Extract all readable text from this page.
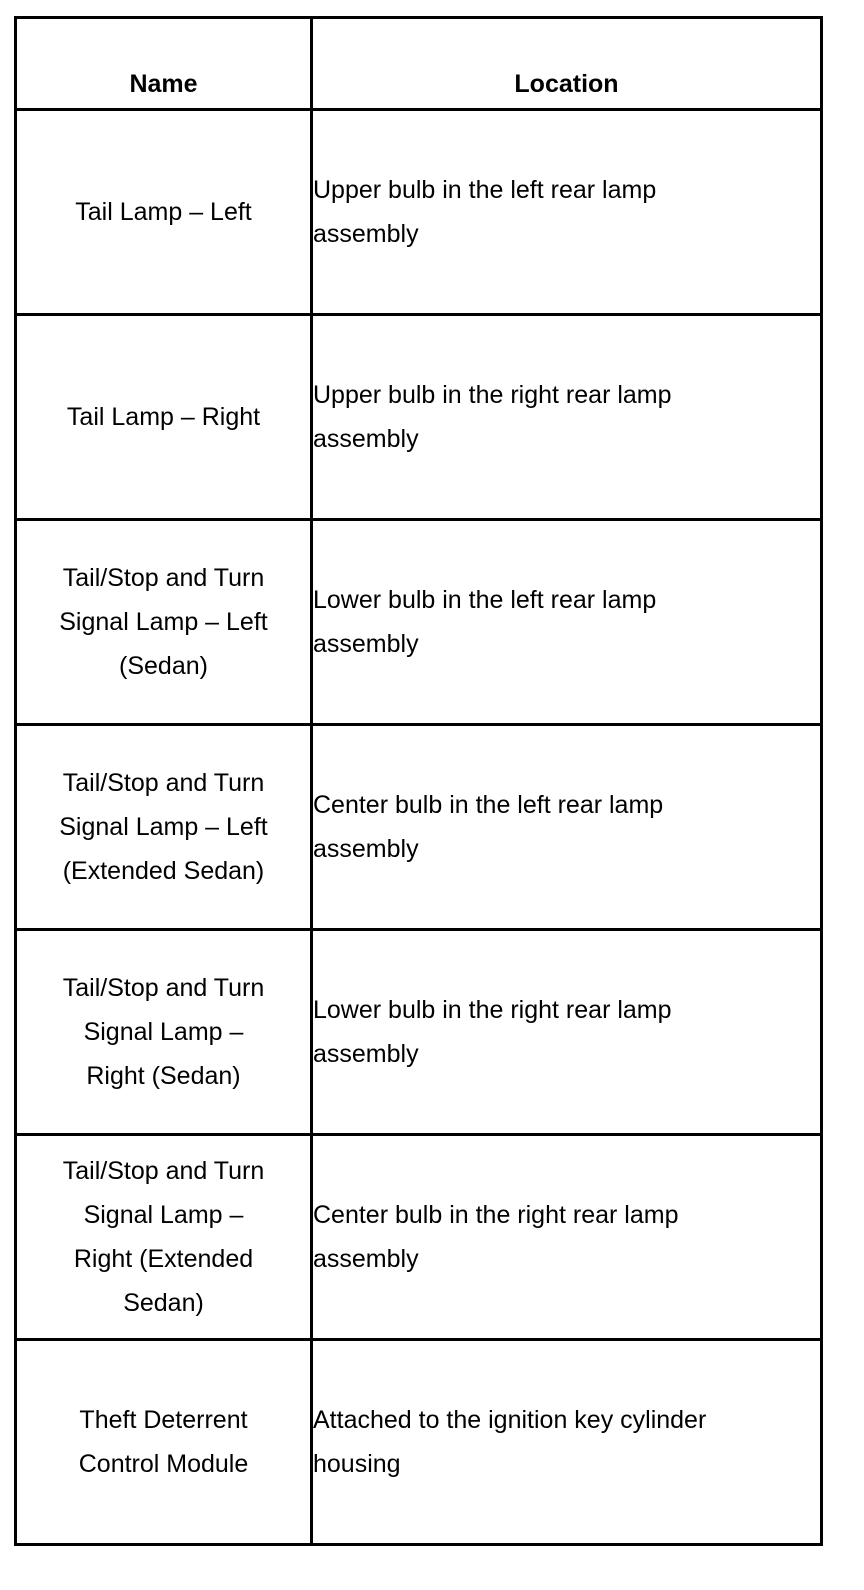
Name	Location

Tail Lamp – Left	Upper bulb in the left rear lamp
assembly

Tail Lamp – Right	Upper bulb in the right rear lamp
assembly

Tail/Stop and Turn
Signal Lamp – Left
(Sedan)	Lower bulb in the left rear lamp
assembly

Tail/Stop and Turn
Signal Lamp – Left
(Extended Sedan)	Center bulb in the left rear lamp
assembly

Tail/Stop and Turn
Signal Lamp –
Right (Sedan)	Lower bulb in the right rear lamp
assembly

Tail/Stop and Turn
Signal Lamp –
Right (Extended
Sedan)	Center bulb in the right rear lamp
assembly

Theft Deterrent
Control Module	Attached to the ignition key cylinder
housing
